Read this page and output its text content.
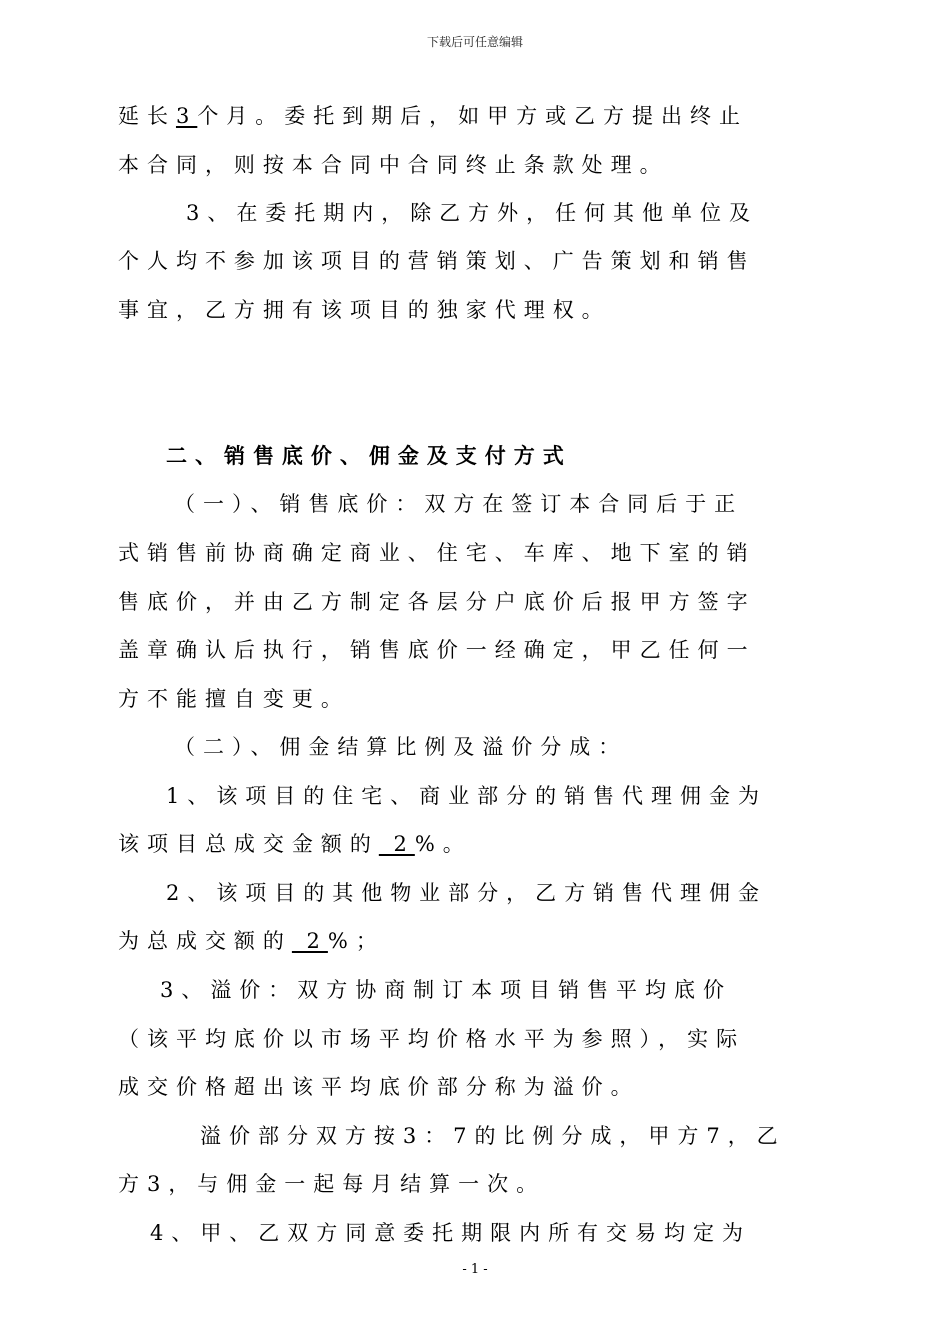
下载后可任意编辑
延长3个月。委托到期后，如甲方或乙方提出终止
本合同，则按本合同中合同终止条款处理。
3、在委托期内，除乙方外，任何其他单位及
个人均不参加该项目的营销策划、广告策划和销售
事宜，乙方拥有该项目的独家代理权。
二、销售底价、佣金及支付方式
（一）、销售底价：双方在签订本合同后于正
式销售前协商确定商业、住宅、车库、地下室的销
售底价，并由乙方制定各层分户底价后报甲方签字
盖章确认后执行，销售底价一经确定，甲乙任何一
方不能擅自变更。
（二）、佣金结算比例及溢价分成：
1、该项目的住宅、商业部分的销售代理佣金为
该项目总成交金额的 2%。
2、该项目的其他物业部分，乙方销售代理佣金
为总成交额的 2%；
3、溢价：双方协商制订本项目销售平均底价
（该平均底价以市场平均价格水平为参照），实际
成交价格超出该平均底价部分称为溢价。
溢价部分双方按3：7的比例分成，甲方7，乙
方3，与佣金一起每月结算一次。
4、甲、乙双方同意委托期限内所有交易均定为
- 1 -
